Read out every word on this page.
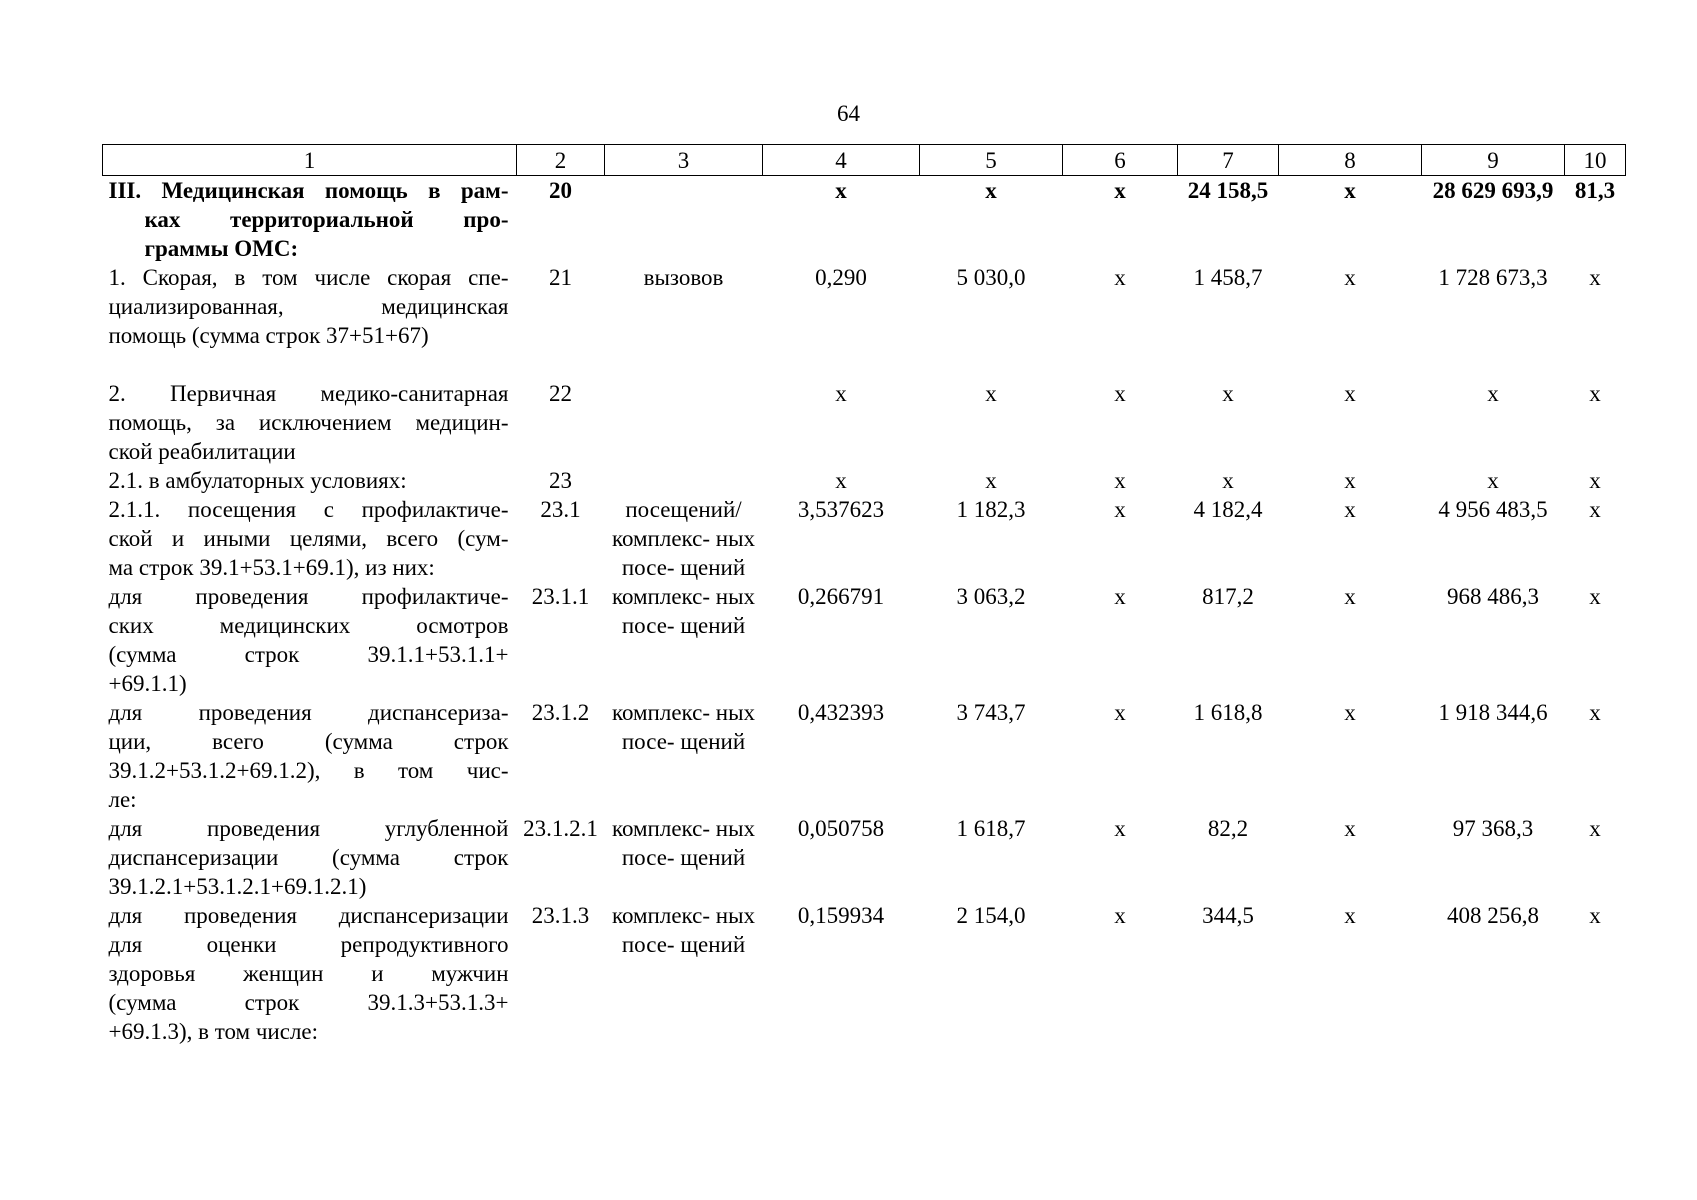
64
1	2	3	4	5	6	7	8	9	10

III. Медицинская помощь в рам-
ках территориальной про-
граммы ОМС:	20		х	х	х	24 158,5	х	28 629 693,9	81,3

1. Скорая, в том числе скорая спе-
циализированная, медицинская
помощь (сумма строк 37+51+67)	21	вызовов	0,290	5 030,0	х	1 458,7	х	1 728 673,3	х

2. Первичная медико-санитарная
помощь, за исключением медицин-
ской реабилитации	22		х	х	х	х	х	х	х

2.1. в амбулаторных условиях:	23		х	х	х	х	х	х	х

2.1.1. посещения с профилактиче-
ской и иными целями, всего (сум-
ма строк 39.1+53.1+69.1), из них:	23.1	посещений/ комплекс- ных посе- щений	3,537623	1 182,3	х	4 182,4	х	4 956 483,5	х

для проведения профилактиче-
ских медицинских осмотров
(сумма строк 39.1.1+53.1.1+
+69.1.1)	23.1.1	комплекс- ных посе- щений	0,266791	3 063,2	х	817,2	х	968 486,3	х

для проведения диспансериза-
ции, всего (сумма строк
39.1.2+53.1.2+69.1.2), в том чис-
ле:	23.1.2	комплекс- ных посе- щений	0,432393	3 743,7	х	1 618,8	х	1 918 344,6	х

для проведения углубленной
диспансеризации (сумма строк
39.1.2.1+53.1.2.1+69.1.2.1)	23.1.2.1	комплекс- ных посе- щений	0,050758	1 618,7	х	82,2	х	97 368,3	х

для проведения диспансеризации
для оценки репродуктивного
здоровья женщин и мужчин
(сумма строк 39.1.3+53.1.3+
+69.1.3), в том числе:	23.1.3	комплекс- ных посе- щений	0,159934	2 154,0	х	344,5	х	408 256,8	х
